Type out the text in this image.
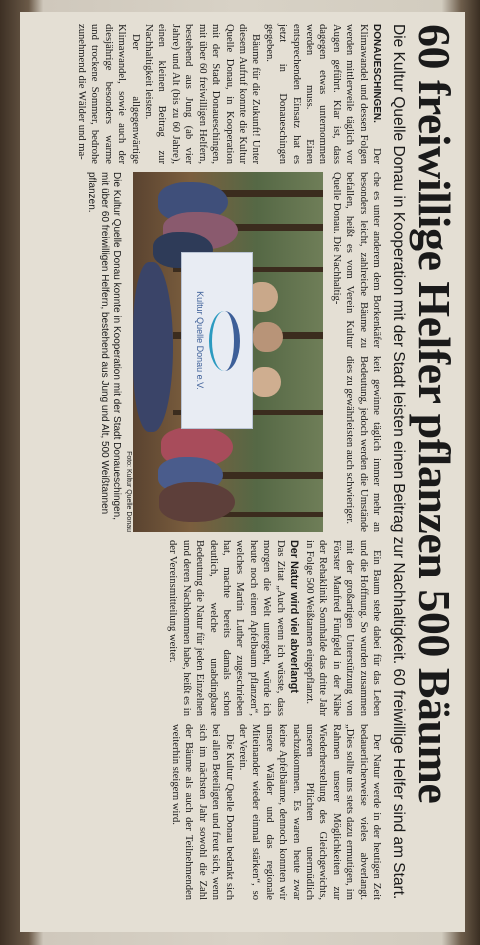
60 freiwillige Helfer pflanzen 500 Bäume
Die Kultur Quelle Donau in Kooperation mit der Stadt leisten einen Beitrag zur Nachhaltigkeit. 60 freiwillige Helfer sind am Start.

DONAUESCHINGEN. Der Klimawandel und dessen Folgen werden mittlerweile täglich vor Augen geführt. Klar ist, dass dagegen etwas unternommen werden muss. Einen entsprechenden Einsatz hat es jetzt in Donaueschingen gegeben.

Bäume für die Zukunft! Unter diesem Aufruf konnte die Kultur Quelle Donau, in Kooperation mit der Stadt Donaueschingen, mit über 60 freiwilligen Helfern, bestehend aus Jung (ab vier Jahre) und Alt (bis zu 60 Jahre), einen kleinen Beitrag zur Nachhaltigkeit leisten.

Der allgegenwärtige Klimawandel, sowie auch der diesjährige besonders warme und trockene Sommer, bedrohe zunehmend die Wälder und ma-

che es unter anderem dem Borkenkäfer besonders leicht, zahlreiche Bäume zu befallen, heißt es vom Verein Kultur Quelle Donau. Die Nachhaltig-

keit gewinne täglich immer mehr an Bedeutung, jedoch werden die Umstände dies zu gewährleisten auch schwieriger.

Kultur Quelle Donau e.V.
Foto: Kultur Quelle Donau
Die Kultur Quelle Donau konnte in Kooperation mit der Stadt Donaueschingen, mit über 60 freiwilligen Helfern, bestehend aus Jung und Alt, 500 Weißtannen pflanzen.

Ein Baum stehe dabei für das Leben und die Hoffnung. So wurden zusammen mit der großartigen Unterstützung von Förster Manfred Fünfgeld in der Nähe der Rehaklinik Sonnhalde das dritte Jahr in Folge 500 Weißtannen eingepflanzt.

Der Natur wird viel abverlangt

Das Zitat „Auch wenn ich wüsste, dass morgen die Welt untergeht, würde ich heute noch einen Apfelbaum pflanzen“, welches Martin Luther zugeschrieben hat, machte bereits damals schon deutlich, welche unabdingbare Bedeutung die Natur für jeden Einzelnen und deren Nachkommen habe, heißt es in der Vereinsmitteilung weiter.

Der Natur werde in der heutigen Zeit bedauerlicherweise vieles abverlangt. „Dies sollte uns stets dazu ermutigen, im Rahmen unserer Möglichkeiten zur Wiederherstellung des Gleichgewichts, unseren Pflichten unermüdlich nachzukommen. Es waren heute zwar keine Apfelbäume, dennoch konnten wir unsere Wälder und das regionale Miteinander wieder einmal stärken“, so der Verein.

Die Kultur Quelle Donau bedankt sich bei allen Beteiligten und freut sich, wenn sich im nächsten Jahr sowohl die Zahl der Bäume als auch der Teilnehmenden weiterhin steigern wird.
